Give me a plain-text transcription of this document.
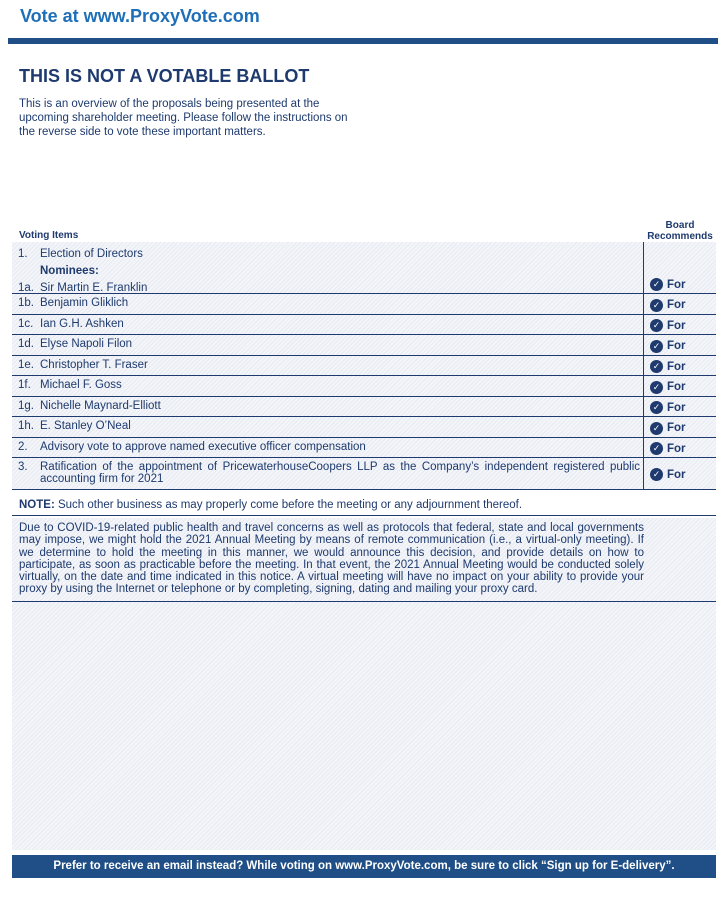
Vote at www.ProxyVote.com
THIS IS NOT A VOTABLE BALLOT
This is an overview of the proposals being presented at the upcoming shareholder meeting. Please follow the instructions on the reverse side to vote these important matters.
Board
Recommends
Voting Items
1. Election of Directors
Nominees:
1a. Sir Martin E. Franklin	✓ For
1b. Benjamin Gliklich	✓ For
1c. Ian G.H. Ashken	✓ For
1d. Elyse Napoli Filon	✓ For
1e. Christopher T. Fraser	✓ For
1f. Michael F. Goss	✓ For
1g. Nichelle Maynard-Elliott	✓ For
1h. E. Stanley O’Neal	✓ For
2. Advisory vote to approve named executive officer compensation	✓ For
3.	Ratification of the appointment of PricewaterhouseCoopers LLP as the Company’s independent registered public accounting firm for 2021	✓ For
NOTE: Such other business as may properly come before the meeting or any adjournment thereof.
Due to COVID-19-related public health and travel concerns as well as protocols that federal, state and local governments may impose, we might hold the 2021 Annual Meeting by means of remote communication (i.e., a virtual-only meeting). If we determine to hold the meeting in this manner, we would announce this decision, and provide details on how to participate, as soon as practicable before the meeting. In that event, the 2021 Annual Meeting would be conducted solely virtually, on the date and time indicated in this notice. A virtual meeting will have no impact on your ability to provide your proxy by using the Internet or telephone or by completing, signing, dating and mailing your proxy card.
Prefer to receive an email instead? While voting on www.ProxyVote.com, be sure to click “Sign up for E-delivery”.
